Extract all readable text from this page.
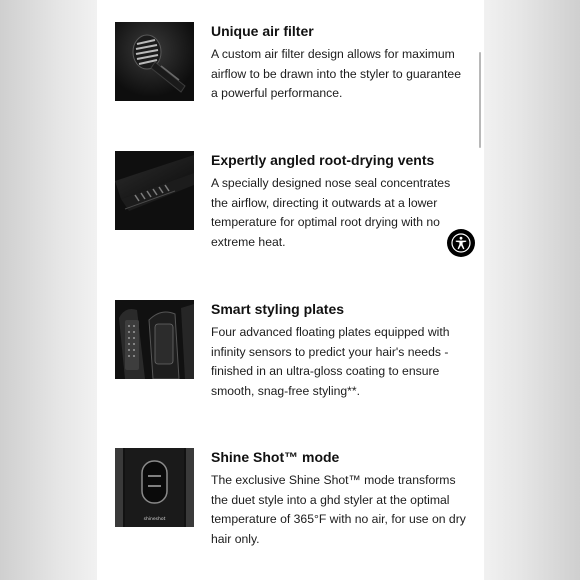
Unique air filter
A custom air filter design allows for maximum airflow to be drawn into the styler to guarantee a powerful performance.
Expertly angled root-drying vents
A specially designed nose seal concentrates the airflow, directing it outwards at a lower temperature for optimal root drying with no extreme heat.
Smart styling plates
Four advanced floating plates equipped with infinity sensors to predict your hair's needs - finished in an ultra-gloss coating to ensure smooth, snag-free styling**.
shineshot
Shine Shot™ mode
The exclusive Shine Shot™ mode transforms the duet style into a ghd styler at the optimal temperature of 365°F with no air, for use on dry hair only.
